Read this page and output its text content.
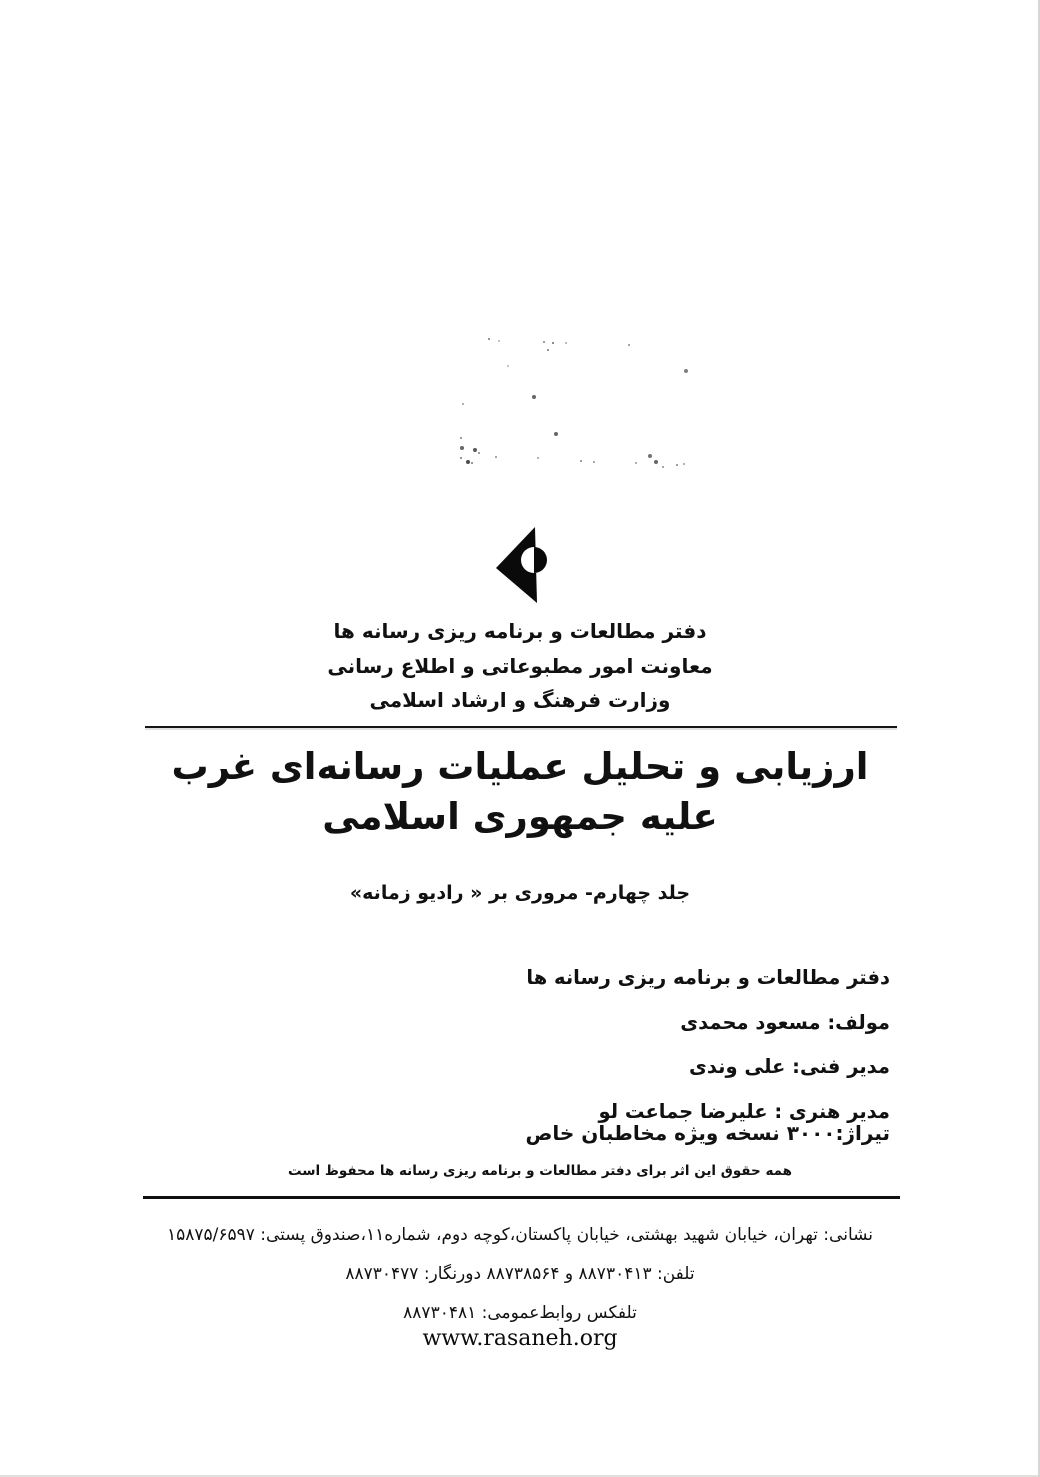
دفتر مطالعات و برنامه ریزی رسانه ها
معاونت امور مطبوعاتی و اطلاع رسانی
وزارت فرهنگ و ارشاد اسلامی
ارزیابی و تحلیل عملیات رسانه‌ای غرب
علیه جمهوری اسلامی
جلد چهارم- مروری بر « رادیو زمانه»
دفتر مطالعات و برنامه ریزی رسانه ها
مولف: مسعود محمدی
مدیر فنی: علی وندی
مدیر هنری : علیرضا جماعت لو
تیراژ:۳۰۰۰ نسخه ویژه مخاطبان خاص
همه حقوق این اثر برای دفتر مطالعات و برنامه ریزی رسانه ها محفوظ است
نشانی: تهران، خیابان شهید بهشتی، خیابان پاکستان،کوچه دوم، شماره۱۱،صندوق پستی: ۱۵۸۷۵/۶۵۹۷
تلفن: ۸۸۷۳۰۴۱۳ و ۸۸۷۳۸۵۶۴ دورنگار: ۸۸۷۳۰۴۷۷
تلفکس روابط‌عمومی: ۸۸۷۳۰۴۸۱
www.rasaneh.org
